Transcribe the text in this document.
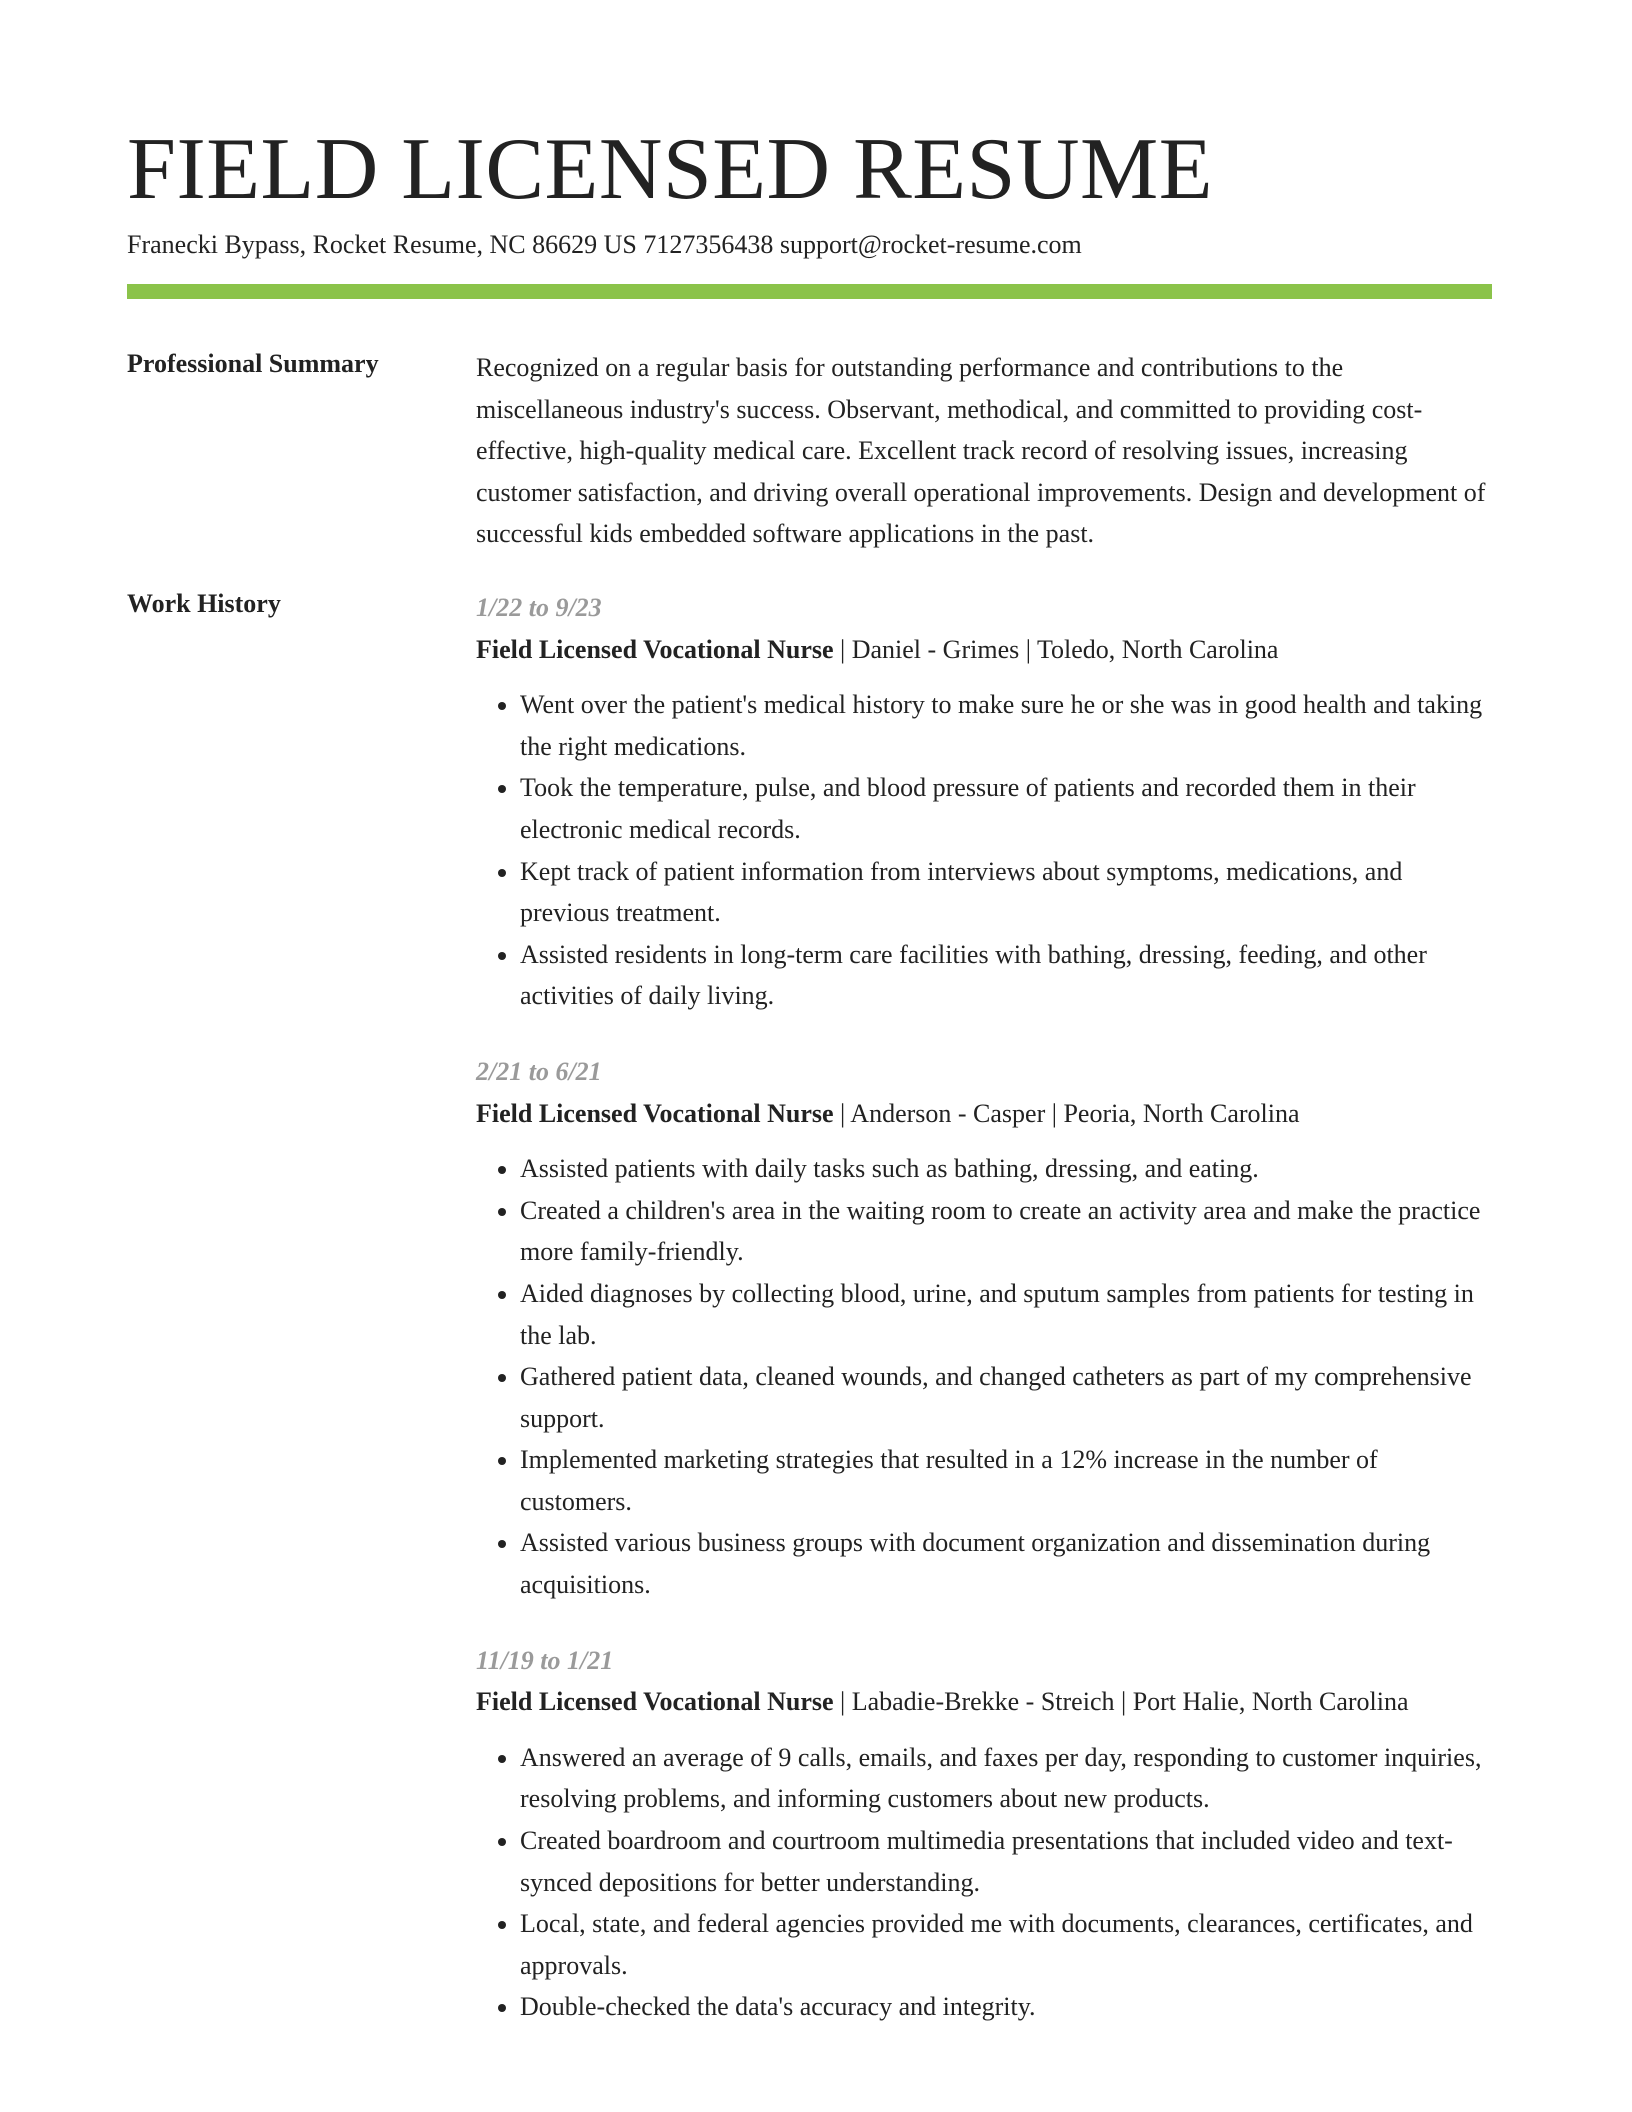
FIELD LICENSED RESUME
Franecki Bypass, Rocket Resume, NC 86629 US 7127356438 support@rocket-resume.com
Professional Summary	Recognized on a regular basis for outstanding performance and contributions to the miscellaneous industry's success. Observant, methodical, and committed to providing cost-effective, high-quality medical care. Excellent track record of resolving issues, increasing customer satisfaction, and driving overall operational improvements. Design and development of successful kids embedded software applications in the past.

Work History	1/22 to 9/23
Field Licensed Vocational Nurse | Daniel - Grimes | Toledo, North Carolina
• Went over the patient's medical history to make sure he or she was in good health and taking the right medications.
• Took the temperature, pulse, and blood pressure of patients and recorded them in their electronic medical records.
• Kept track of patient information from interviews about symptoms, medications, and previous treatment.
• Assisted residents in long-term care facilities with bathing, dressing, feeding, and other activities of daily living.
2/21 to 6/21
Field Licensed Vocational Nurse | Anderson - Casper | Peoria, North Carolina
• Assisted patients with daily tasks such as bathing, dressing, and eating.
• Created a children's area in the waiting room to create an activity area and make the practice more family-friendly.
• Aided diagnoses by collecting blood, urine, and sputum samples from patients for testing in the lab.
• Gathered patient data, cleaned wounds, and changed catheters as part of my comprehensive support.
• Implemented marketing strategies that resulted in a 12% increase in the number of customers.
• Assisted various business groups with document organization and dissemination during acquisitions.
11/19 to 1/21
Field Licensed Vocational Nurse | Labadie-Brekke - Streich | Port Halie, North Carolina
• Answered an average of 9 calls, emails, and faxes per day, responding to customer inquiries, resolving problems, and informing customers about new products.
• Created boardroom and courtroom multimedia presentations that included video and text-synced depositions for better understanding.
• Local, state, and federal agencies provided me with documents, clearances, certificates, and approvals.
• Double-checked the data's accuracy and integrity.
